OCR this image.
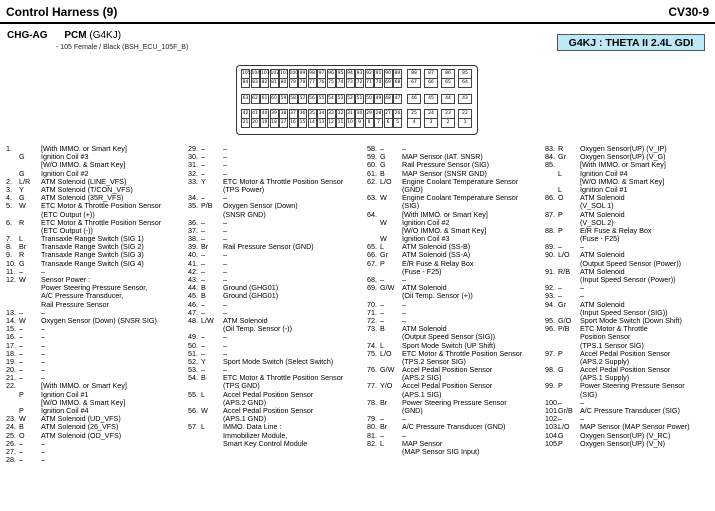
Control Harness (9)	CV30-9
CHG-AG PCM (G4KJ)
- 105 Female / Black (BSH_ECU_105F_B)	G4KJ : THETA II 2.4L GDI
105 104 103 102 101 100 99 98 97 96 95 94 93 92 91 90 89
84 83 82 81 80 79 78 77 76 75 74 73 72 71 70 69 68
42 41 40 39 38 37 36 35 34 33 32 31 30 29 28 27 26
21 20 19 18 17 16 15 14 13 12 11 10	9	8	7	6	5
63 62 61 60 59 58 57 56 55 54 53 52 51 50 49 48 47
88	87	86	85
67	66	65	64
46	45	44	43
25	24	23	22
4	3	2	1
1.	[With IMMO. or Smart Key]
G Ignition Coil #3
[W/O IMMO. & Smart Key]
G Ignition Coil #2
2. L/R ATM Solenoid (LINE_VFS)
3. Y ATM Solenoid (T/CON_VFS)
4. G ATM Solenoid (35R_VFS)
5. W ETC Motor & Throttle Position Sensor
(ETC Output (+))
6. R ETC Motor & Throttle Position Sensor
(ETC Output (-))
7. L	Transaxle Range Switch (SIG 1)
8. Br Transaxle Range Switch (SIG 2)
9. R Transaxle Range Switch (SIG 3)
10. G Transaxle Range Switch (SIG 4)
11. –	–
12. W Sensor Power :
Power Steering Pressure Sensor,
A/C Pressure Transducer,
Rail Pressure Sensor
13. –	–
14. W Oxygen Sensor (Down) (SNSR SIG)
15. –	–
16. –	–
17. –	–
18. –	–
19. –	–
20. –	–
21. –	–
22.	[With IMMO. or Smart Key]
P Ignition Coil #1
[W/O IMMO. & Smart Key]
P Ignition Coil #4
23. W ATM Solenoid (UD_VFS)
24. B ATM Solenoid (26_VFS)
25. O ATM Solenoid (OD_VFS)
26. –	–
27. –	–
28. –	–
29. –	–
30. –	–
31. –	–
32. –	–
33. Y ETC Motor & Throttle Position Sensor
(TPS Power)
34. –	–
35. P/B Oxygen Sensor (Down)
(SNSR GND)
36. –	–
37. –	–
38. –	–
39. Br Rail Pressure Sensor (GND)
40. –	–
41. –	–
42. –	–
43. –	–
44. B Ground (GHG01)
45. B Ground (GHG01)
46. –	–
47. –	–
48. L/W ATM Solenoid
(Oil Temp. Sensor (-))
49. –	–
50. –	–
51. –	–
52. Y Sport Mode Switch (Select Switch)
53. –	–
54. B ETC Motor & Throttle Position Sensor
(TPS GND)
55. L	Accel Pedal Position Sensor
(APS.2 GND)
56. W Accel Pedal Position Sensor
(APS.1 GND)
57. L	IMMO. Data Line :
Immobilizer Module,
Smart Key Control Module
58. –	–
59. G MAP Sensor (IAT. SNSR)
60. G Rail Pressure Sensor (SIG)
61. B MAP Sensor (SNSR GND)
62. L/O Engine Coolant Temperature Sensor
(GND)
63. W Engine Coolant Temperature Sensor
(SIG)
64.	[With IMMO. or Smart Key]
W Ignition Coil #2
[W/O IMMO. & Smart Key]
W Ignition Coil #3
65. L	ATM Solenoid (SS-B)
66. Gr ATM Solenoid (SS-A)
67. P E/R Fuse & Relay Box
(Fuse - F25)
68. –	–
69. G/W ATM Solenoid
(Oil Temp. Sensor (+))
70. –	–
71. –	–
72. –	–
73. B ATM Solenoid
(Output Speed Sensor (SIG))
74. L	Sport Mode Switch (UP Shift)
75. L/O ETC Motor & Throttle Position Sensor
(TPS.2 Sensor SIG)
76. G/W Accel Pedal Position Sensor
(APS.2 SIG)
77. Y/O Accel Pedal Position Sensor
(APS.1 SIG)
78. Br Power Steering Pressure Sensor
(GND)
79. –	–
80. Br A/C Pressure Transducer (GND)
81. –	–
82. L	MAP Sensor
(MAP Sensor SIG Input)
83. R Oxygen Sensor(UP) (V_IP)
84. Gr Oxygen Sensor(UP) (V_G)
85.	[With IMMO. or Smart Key]
L	Ignition Coil #4
[W/O IMMO. & Smart Key]
L	Ignition Coil #1
86. O ATM Solenoid
(V_SOL 1)
87. P ATM Solenoid
(V_SOL 2)
88. P E/R Fuse & Relay Box
(Fuse - F25)
89. –	–
90. L/O ATM Solenoid
(Output Speed Sensor (Power))
91. R/B ATM Solenoid
(Input Speed Sensor (Power))
92. –	–
93. –	–
94. Gr ATM Solenoid
(Input Speed Sensor (SIG))
95. G/O Sport Mode Switch (Down Shift)
96. P/B ETC Motor & Throttle
Position Sensor
(TPS.1 Sensor SIG)
97. P Accel Pedal Position Sensor
(APS.2 Supply)
98. G Accel Pedal Position Sensor
(APS.1 Supply)
99. P Power Steering Pressure Sensor
(SIG)
100. –	–
101. Gr/B A/C Pressure Transducer (SIG)
102. –	–
103. L/O MAP Sensor (MAP Sensor Power)
104. G Oxygen Sensor(UP) (V_RC)
105. P Oxygen Sensor(UP) (V_N)
